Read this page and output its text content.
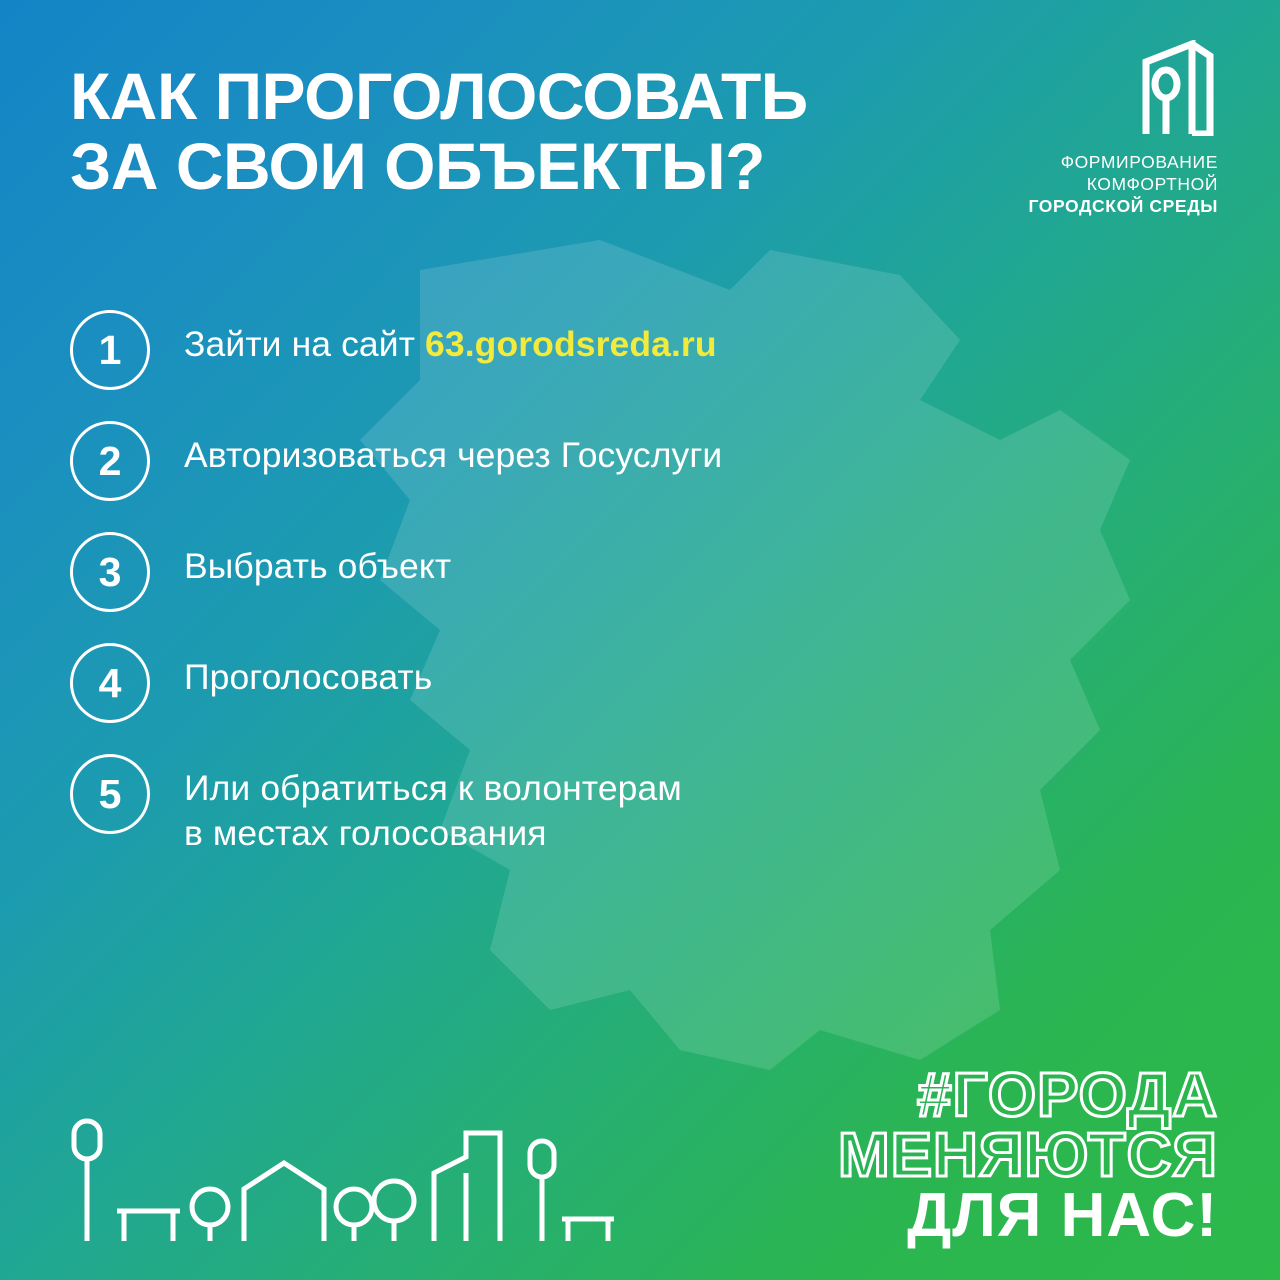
КАК ПРОГОЛОСОВАТЬ
ЗА СВОИ ОБЪЕКТЫ?	ФОРМИРОВАНИЕ
КОМФОРТНОЙ
ГОРОДСКОЙ СРЕДЫ
1	Зайти на сайт 63.gorodsreda.ru
2	Авторизоваться через Госуслуги
3	Выбрать объект
4	Проголосовать
5	Или обратиться к волонтерам
в местах голосования
#ГОРОДА
МЕНЯЮТСЯ
ДЛЯ НАС!
